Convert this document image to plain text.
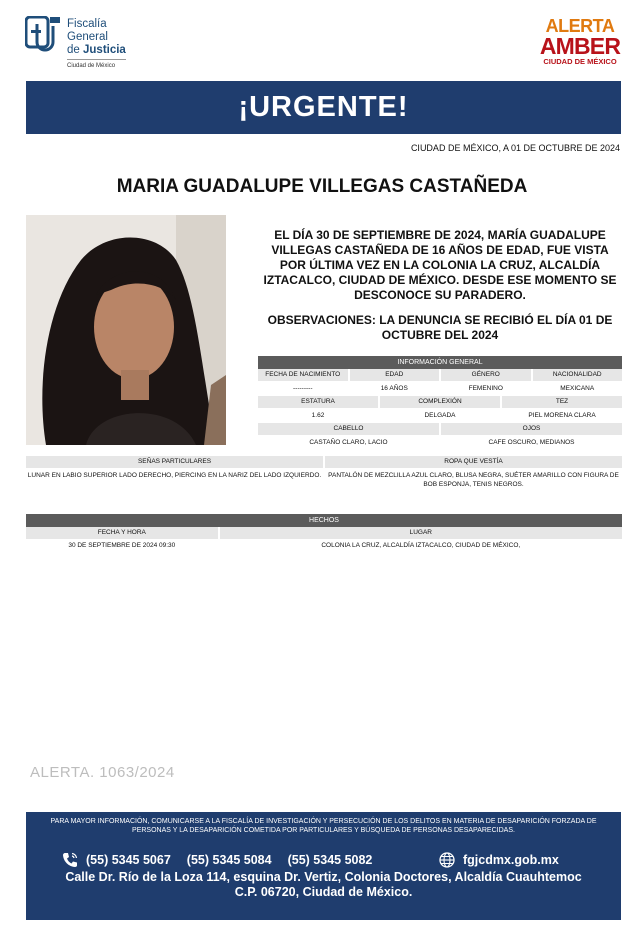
Fiscalía
General
de Justicia
Ciudad de México
ALERTA
AMBER
CIUDAD DE MÉXICO
¡URGENTE!
CIUDAD DE MÉXICO, A 01 DE OCTUBRE DE 2024
MARIA GUADALUPE VILLEGAS CASTAÑEDA
EL DÍA 30 DE SEPTIEMBRE DE 2024, MARÍA GUADALUPE VILLEGAS CASTAÑEDA DE 16 AÑOS DE EDAD, FUE VISTA POR ÚLTIMA VEZ EN LA COLONIA LA CRUZ, ALCALDÍA IZTACALCO, CIUDAD DE MÉXICO. DESDE ESE MOMENTO SE DESCONOCE SU PARADERO.
OBSERVACIONES: LA DENUNCIA SE RECIBIÓ EL DÍA 01 DE OCTUBRE DEL 2024
INFORMACIÓN GENERAL
FECHA DE NACIMIENTO	EDAD	GÉNERO	NACIONALIDAD
---------	16 AÑOS	FEMENINO	MEXICANA
ESTATURA	COMPLEXIÓN	TEZ
1.62	DELGADA	PIEL MORENA CLARA
CABELLO	OJOS
CASTAÑO CLARO, LACIO	CAFE OSCURO, MEDIANOS
SEÑAS PARTICULARES	ROPA QUE VESTÍA
LUNAR EN LABIO SUPERIOR LADO DERECHO, PIERCING EN LA NARIZ DEL LADO IZQUIERDO.	PANTALÓN DE MEZCLILLA AZUL CLARO, BLUSA NEGRA, SUÉTER AMARILLO CON FIGURA DE BOB ESPONJA, TENIS NEGROS.
HECHOS
FECHA Y HORA	LUGAR
30 DE SEPTIEMBRE DE 2024 09:30	COLONIA LA CRUZ, ALCALDÍA IZTACALCO, CIUDAD DE MÉXICO,
ALERTA. 1063/2024
PARA MAYOR INFORMACIÓN, COMUNICARSE A LA FISCALÍA DE INVESTIGACIÓN Y PERSECUCIÓN DE LOS DELITOS EN MATERIA DE DESAPARICIÓN FORZADA DE PERSONAS Y LA DESAPARICIÓN COMETIDA POR PARTICULARES Y BÚSQUEDA DE PERSONAS DESAPARECIDAS.
(55) 5345 5067 (55) 5345 5084 (55) 5345 5082	fgjcdmx.gob.mx
Calle Dr. Río de la Loza 114, esquina Dr. Vertiz, Colonia Doctores, Alcaldía Cuauhtemoc
C.P. 06720, Ciudad de México.
